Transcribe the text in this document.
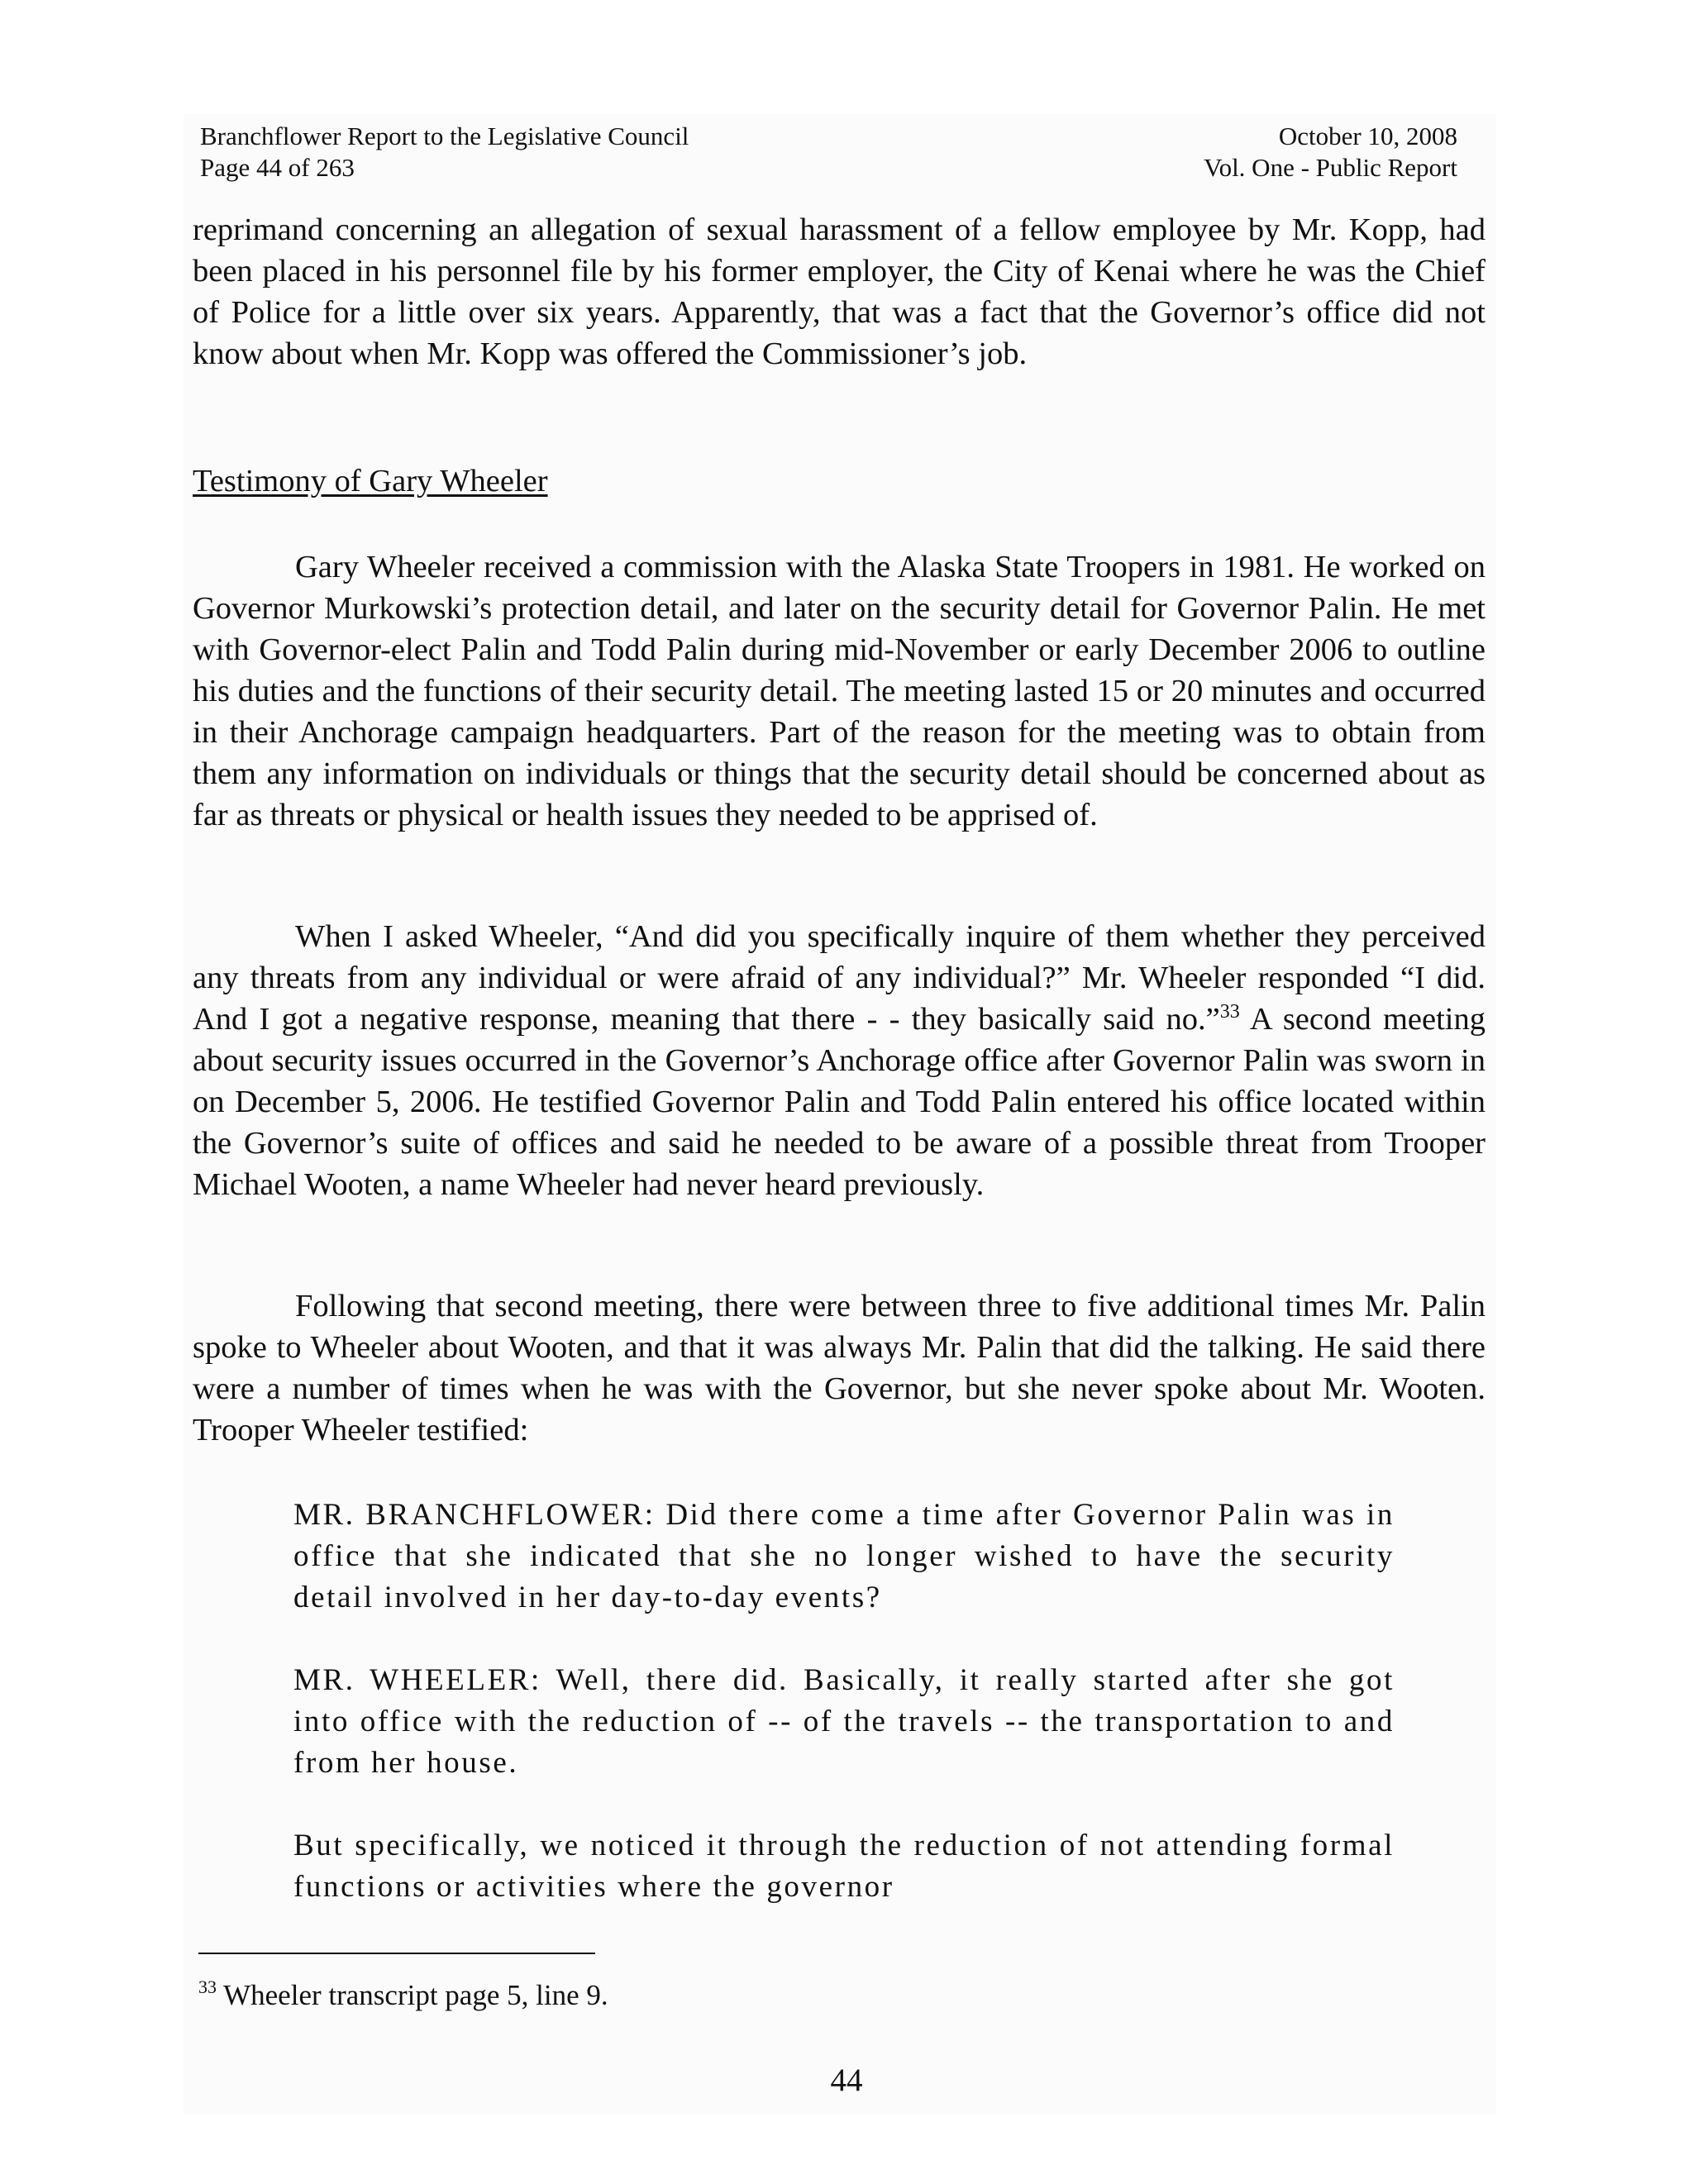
Branchflower Report to the Legislative Council
Page 44 of 263
October 10, 2008
Vol. One - Public Report

reprimand concerning an allegation of sexual harassment of a fellow employee by Mr. Kopp, had been placed in his personnel file by his former employer, the City of Kenai where he was the Chief of Police for a little over six years. Apparently, that was a fact that the Governor’s office did not know about when Mr. Kopp was offered the Commissioner’s job.

Testimony of Gary Wheeler

Gary Wheeler received a commission with the Alaska State Troopers in 1981. He worked on Governor Murkowski’s protection detail, and later on the security detail for Governor Palin. He met with Governor-elect Palin and Todd Palin during mid-November or early December 2006 to outline his duties and the functions of their security detail. The meeting lasted 15 or 20 minutes and occurred in their Anchorage campaign headquarters. Part of the reason for the meeting was to obtain from them any information on individuals or things that the security detail should be concerned about as far as threats or physical or health issues they needed to be apprised of.

When I asked Wheeler, “And did you specifically inquire of them whether they perceived any threats from any individual or were afraid of any individual?” Mr. Wheeler responded “I did. And I got a negative response, meaning that there - - they basically said no.”$^{33}$ A second meeting about security issues occurred in the Governor’s Anchorage office after Governor Palin was sworn in on December 5, 2006. He testified Governor Palin and Todd Palin entered his office located within the Governor’s suite of offices and said he needed to be aware of a possible threat from Trooper Michael Wooten, a name Wheeler had never heard previously.

Following that second meeting, there were between three to five additional times Mr. Palin spoke to Wheeler about Wooten, and that it was always Mr. Palin that did the talking. He said there were a number of times when he was with the Governor, but she never spoke about Mr. Wooten. Trooper Wheeler testified:

MR. BRANCHFLOWER: Did there come a time after Governor Palin was in office that she indicated that she no longer wished to have the security detail involved in her day-to-day events?

MR. WHEELER: Well, there did. Basically, it really started after she got into office with the reduction of -- of the travels -- the transportation to and from her house.

But specifically, we noticed it through the reduction of not attending formal functions or activities where the governor

$^{33}$ Wheeler transcript page 5, line 9.
44
